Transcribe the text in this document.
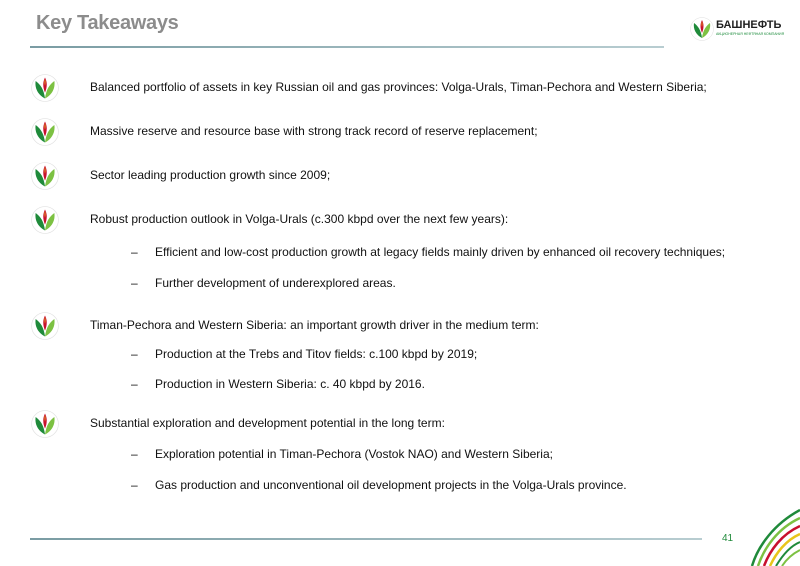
Key Takeaways	БАШНЕФТЬ
АКЦИОНЕРНАЯ НЕФТЯНАЯ КОМПАНИЯ
Balanced portfolio of assets in key Russian oil and gas provinces: Volga-Urals, Timan-Pechora and Western Siberia;
Massive reserve and resource base with strong track record of reserve replacement;
Sector leading production growth since 2009;
Robust production outlook in Volga-Urals (c.300 kbpd over the next few years):
– Efficient and low-cost production growth at legacy fields mainly driven by enhanced oil recovery techniques;
– Further development of underexplored areas.
Timan-Pechora and Western Siberia: an important growth driver in the medium term:
– Production at the Trebs and Titov fields: c.100 kbpd by 2019;
– Production in Western Siberia: c. 40 kbpd by 2016.
Substantial exploration and development potential in the long term:
– Exploration potential in Timan-Pechora (Vostok NAO) and Western Siberia;
– Gas production and unconventional oil development projects in the Volga-Urals province.
41
